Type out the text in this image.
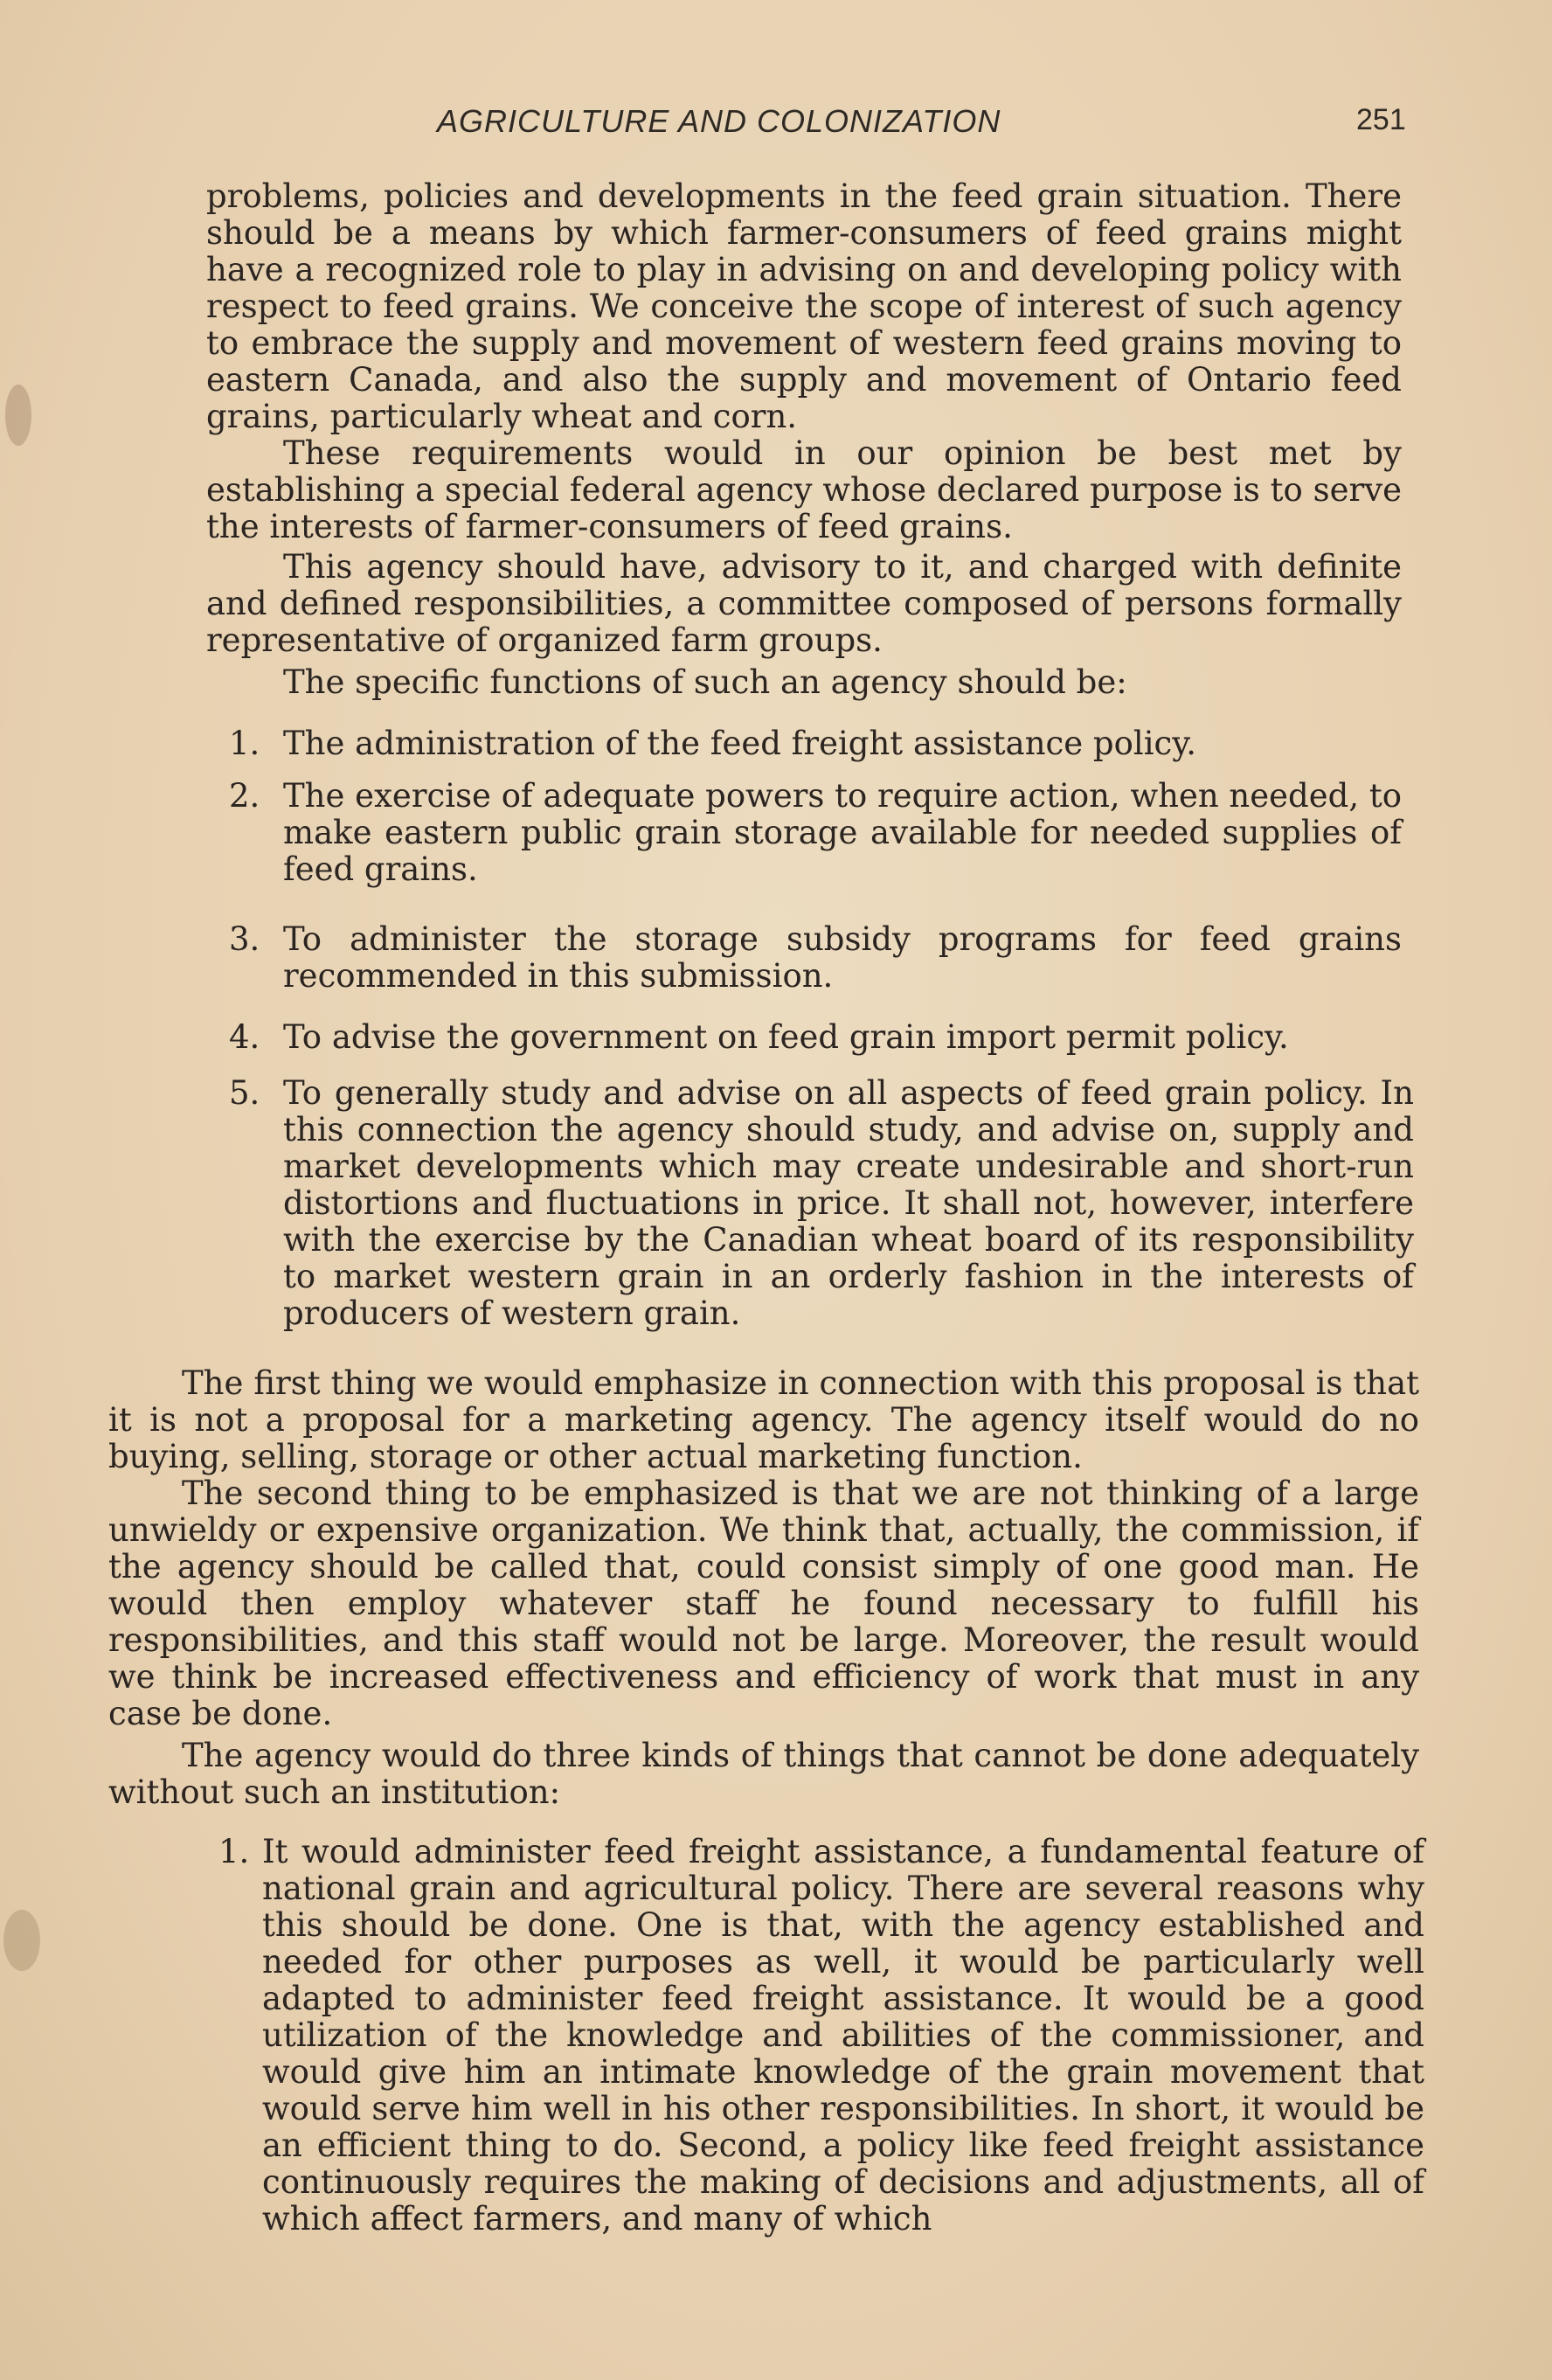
AGRICULTURE AND COLONIZATION	251

problems, policies and developments in the feed grain situation. There should be a means by which farmer-consumers of feed grains might have a recognized role to play in advising on and developing policy with respect to feed grains. We conceive the scope of interest of such agency to embrace the supply and movement of western feed grains moving to eastern Canada, and also the supply and movement of Ontario feed grains, particularly wheat and corn.

These requirements would in our opinion be best met by establishing a special federal agency whose declared purpose is to serve the interests of farmer-consumers of feed grains.

This agency should have, advisory to it, and charged with definite and defined responsibilities, a committee composed of persons formally representative of organized farm groups.

The specific functions of such an agency should be:

1. The administration of the feed freight assistance policy.
2. The exercise of adequate powers to require action, when needed, to make eastern public grain storage available for needed supplies of feed grains.
3. To administer the storage subsidy programs for feed grains recommended in this submission.
4. To advise the government on feed grain import permit policy.
5. To generally study and advise on all aspects of feed grain policy. In this connection the agency should study, and advise on, supply and market developments which may create undesirable and short-run distortions and fluctuations in price. It shall not, however, interfere with the exercise by the Canadian wheat board of its responsibility to market western grain in an orderly fashion in the interests of producers of western grain.

The first thing we would emphasize in connection with this proposal is that it is not a proposal for a marketing agency. The agency itself would do no buying, selling, storage or other actual marketing function.

The second thing to be emphasized is that we are not thinking of a large unwieldy or expensive organization. We think that, actually, the commission, if the agency should be called that, could consist simply of one good man. He would then employ whatever staff he found necessary to fulfill his responsibilities, and this staff would not be large. Moreover, the result would we think be increased effectiveness and efficiency of work that must in any case be done.

The agency would do three kinds of things that cannot be done adequately without such an institution:

1. It would administer feed freight assistance, a fundamental feature of national grain and agricultural policy. There are several reasons why this should be done. One is that, with the agency established and needed for other purposes as well, it would be particularly well adapted to administer feed freight assistance. It would be a good utilization of the knowledge and abilities of the commissioner, and would give him an intimate knowledge of the grain movement that would serve him well in his other responsibilities. In short, it would be an efficient thing to do. Second, a policy like feed freight assistance continuously requires the making of decisions and adjustments, all of which affect farmers, and many of which
